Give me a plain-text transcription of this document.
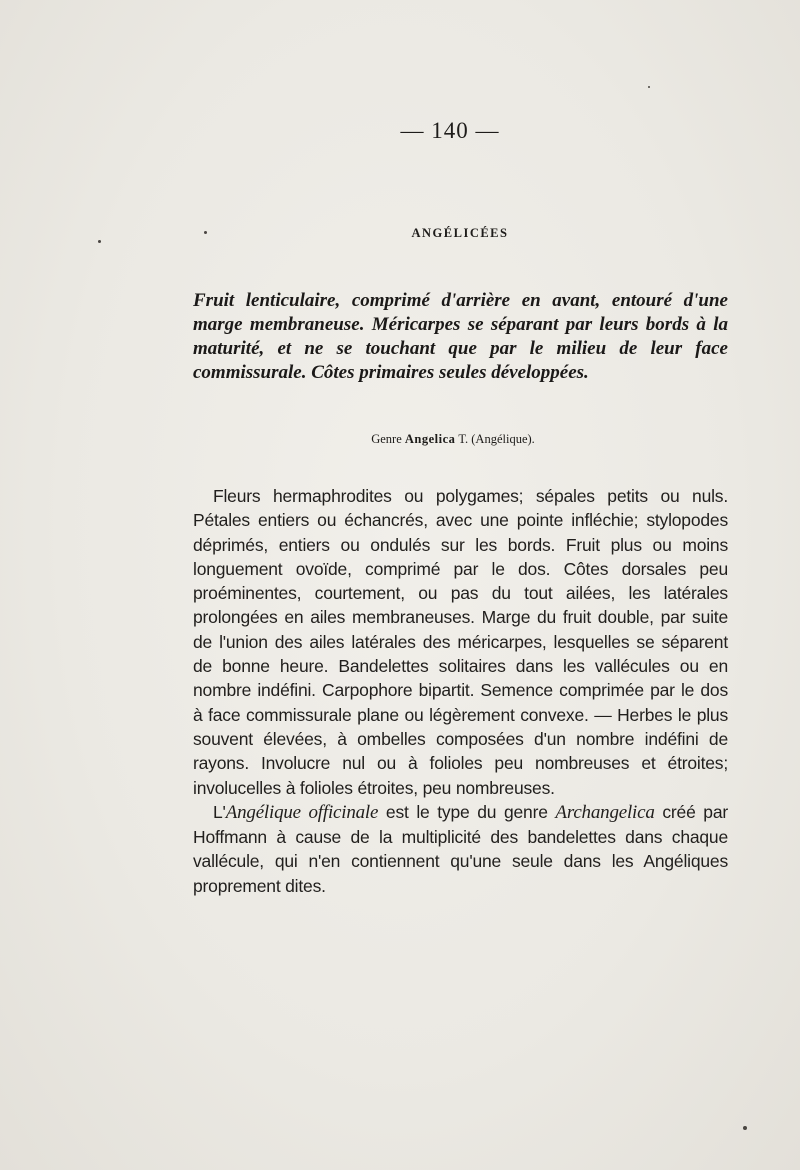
— 140 —
ANGÉLICÉES
Fruit lenticulaire, comprimé d'arrière en avant, entouré d'une marge membraneuse. Méricarpes se séparant par leurs bords à la maturité, et ne se touchant que par le milieu de leur face commissurale. Côtes primaires seules développées.
Genre Angelica T. (Angélique).

Fleurs hermaphrodites ou polygames; sépales petits ou nuls. Pétales entiers ou échancrés, avec une pointe infléchie; stylopodes déprimés, entiers ou ondulés sur les bords. Fruit plus ou moins longuement ovoïde, comprimé par le dos. Côtes dorsales peu proéminentes, courtement, ou pas du tout ailées, les latérales prolongées en ailes membraneuses. Marge du fruit double, par suite de l'union des ailes latérales des méricarpes, lesquelles se séparent de bonne heure. Bandelettes solitaires dans les vallécules ou en nombre indéfini. Carpophore bipartit. Semence comprimée par le dos à face commissurale plane ou légèrement convexe. — Herbes le plus souvent élevées, à ombelles composées d'un nombre indéfini de rayons. Involucre nul ou à folioles peu nombreuses et étroites; involucelles à folioles étroites, peu nombreuses.

L'Angélique officinale est le type du genre Archangelica créé par Hoffmann à cause de la multiplicité des bandelettes dans chaque vallécule, qui n'en contiennent qu'une seule dans les Angéliques proprement dites.
